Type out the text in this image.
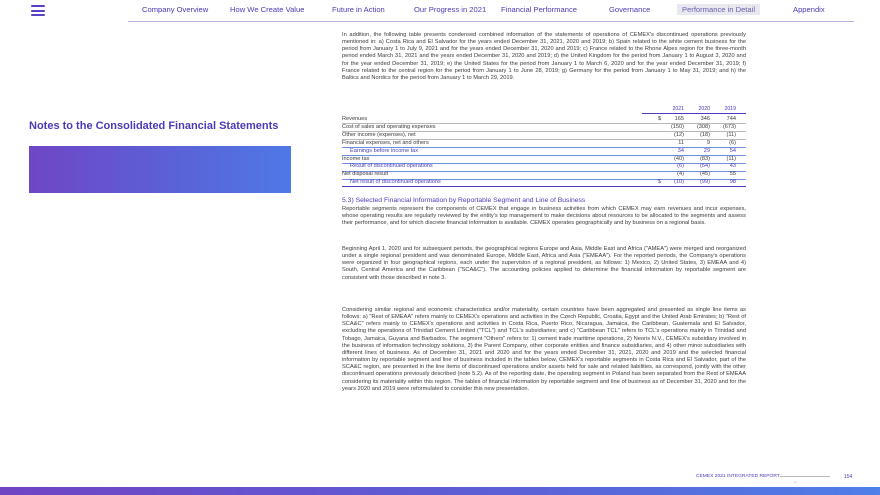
Company Overview	How We Create Value	Future in Action	Our Progress in 2021 Financial Performance	Governance	Performance in Detail	Appendix
Notes to the Consolidated Financial Statements

In addition, the following table presents condensed combined information of the statements of operations of CEMEX's discontinued operations previously mentioned in: a) Costa Rica and El Salvador for the years ended December 31, 2021, 2020 and 2019; b) Spain related to the white cement business for the period from January 1 to July 9, 2021 and for the years ended December 31, 2020 and 2019; c) France related to the Rhone Alpes region for the three-month period ended March 31, 2021 and the years ended December 31, 2020 and 2019; d) the United Kingdom for the period from January 1 to August 3, 2020 and for the year ended December 31, 2019; e) the United States for the period from January 1 to March 6, 2020 and for the year ended December 31, 2019; f) France related to the central region for the period from January 1 to June 28, 2019; g) Germany for the period from January 1 to May 31, 2019; and h) the Baltics and Nordics for the period from January 1 to March 29, 2019.

2021	2020	2019
Revenues	$	165	346	744
Cost of sales and operating expenses	(150)	(308)	(673)
Other income (expenses), net	(12)	(18)	(11)
Financial expenses, net and others	11	9	(6)
Earnings before income tax	34	29	54
Income tax	(40)	(83)	(11)
Result of discontinued operations	(6)	(54)	43
Net disposal result	(4)	(45)	55
Net result of discontinued operations	$	(10)	(99)	98
5.3) Selected Financial Information by Reportable Segment and Line of Business

Reportable segments represent the components of CEMEX that engage in business activities from which CEMEX may earn revenues and incur expenses, whose operating results are regularly reviewed by the entity's top management to make decisions about resources to be allocated to the segments and assess their performance, and for which discrete financial information is available. CEMEX operates geographically and by business on a regional basis.

Beginning April 1, 2020 and for subsequent periods, the geographical regions Europe and Asia, Middle East and Africa ("AMEA") were merged and reorganized under a single regional president and was denominated Europe, Middle East, Africa and Asia ("EMEAA"). For the reported periods, the Company's operations were organized in four geographical regions, each under the supervision of a regional president, as follows: 1) Mexico, 2) United States, 3) EMEAA and 4) South, Central America and the Caribbean ("SCA&C"). The accounting policies applied to determine the financial information by reportable segment are consistent with those described in note 3.

Considering similar regional and economic characteristics and/or materiality, certain countries have been aggregated and presented as single line items as follows: a) "Rest of EMEAA" refers mainly to CEMEX's operations and activities in the Czech Republic, Croatia, Egypt and the United Arab Emirates; b) "Rest of SCA&C" refers mainly to CEMEX's operations and activities in Costa Rica, Puerto Rico, Nicaragua, Jamaica, the Caribbean, Guatemala and El Salvador, excluding the operations of Trinidad Cement Limited ("TCL") and TCL's subsidiaries; and c) "Caribbean TCL" refers to TCL's operations mainly in Trinidad and Tobago, Jamaica, Guyana and Barbados. The segment "Others" refers to: 1) cement trade maritime operations, 2) Neoris N.V., CEMEX's subsidiary involved in the business of information technology solutions, 3) the Parent Company, other corporate entities and finance subsidiaries, and 4) other minor subsidiaries with different lines of business. As of December 31, 2021 and 2020 and for the years ended December 31, 2021, 2020 and 2019 and the selected financial information by reportable segment and line of business included in the tables below, CEMEX's reportable segments in Costa Rica and El Salvador, part of the SCA&C region, are presented in the line items of discontinued operations and/or assets held for sale and related liabilities, as correspond, jointly with the other discontinued operations previously described (note 5.2). As of the reporting date, the operating segment in Poland has been separated from the Rest of EMEAA considering its materiality within this region. The tables of financial information by reportable segment and line of business as of December 31, 2020 and for the years 2020 and 2019 were reformulated to consider this new presentation.

CEMEX 2021 INTEGRATED REPORT
•••
154
